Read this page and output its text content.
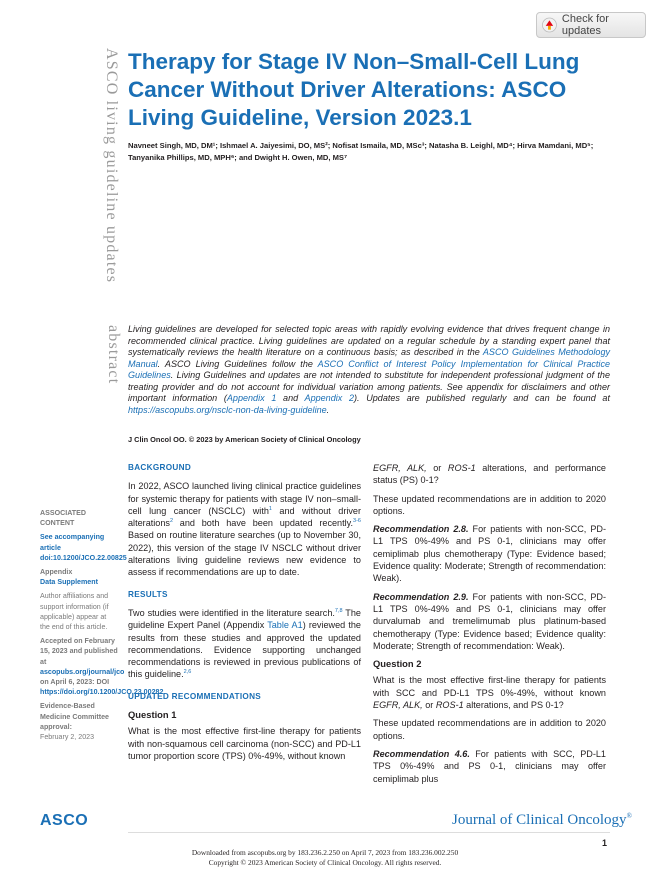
Check for updates
ASCO living guideline updates
abstract
Therapy for Stage IV Non–Small-Cell Lung Cancer Without Driver Alterations: ASCO Living Guideline, Version 2023.1

Navneet Singh, MD, DM¹; Ishmael A. Jaiyesimi, DO, MS²; Nofisat Ismaila, MD, MSc³; Natasha B. Leighl, MD⁴; Hirva Mamdani, MD⁵; Tanyanika Phillips, MD, MPH⁶; and Dwight H. Owen, MD, MS⁷

Living guidelines are developed for selected topic areas with rapidly evolving evidence that drives frequent change in recommended clinical practice. Living guidelines are updated on a regular schedule by a standing expert panel that systematically reviews the health literature on a continuous basis; as described in the ASCO Guidelines Methodology Manual. ASCO Living Guidelines follow the ASCO Conflict of Interest Policy Implementation for Clinical Practice Guidelines. Living Guidelines and updates are not intended to substitute for independent professional judgment of the treating provider and do not account for individual variation among patients. See appendix for disclaimers and other important information (Appendix 1 and Appendix 2). Updates are published regularly and can be found at https://ascopubs.org/nsclc-non-da-living-guideline.

J Clin Oncol OO. © 2023 by American Society of Clinical Oncology

ASSOCIATED CONTENT

See accompanying article doi:10.1200/JCO.22.00825

Appendix

Data Supplement

Author affiliations and support information (if applicable) appear at the end of this article.

Accepted on February 15, 2023 and published at ascopubs.org/journal/jco on April 6, 2023: DOI https://doi.org/10.1200/JCO.23.00282

Evidence-Based Medicine Committee approval:

February 2, 2023

BACKGROUND

In 2022, ASCO launched living clinical practice guidelines for systemic therapy for patients with stage IV non–small-cell lung cancer (NSCLC) with$^1$ and without driver alterations$^2$ and both have been updated recently.$^{3-6}$ Based on routine literature searches (up to November 30, 2022), this version of the stage IV NSCLC without driver alterations living guideline reviews new evidence to assess if recommendations are up to date.

RESULTS

Two studies were identified in the literature search.$^{7,8}$ The guideline Expert Panel (Appendix Table A1) reviewed the results from these studies and approved the updated recommendations. Evidence supporting unchanged recommendations is reviewed in previous publications of this guideline.$^{2,6}$

UPDATED RECOMMENDATIONS
Question 1

What is the most effective first-line therapy for patients with non-squamous cell carcinoma (non-SCC) and PD-L1 tumor proportion score (TPS) 0%-49%, without known

EGFR, ALK, or ROS-1 alterations, and performance status (PS) 0-1?

These updated recommendations are in addition to 2020 options.

Recommendation 2.8. For patients with non-SCC, PD-L1 TPS 0%-49% and PS 0-1, clinicians may offer cemiplimab plus chemotherapy (Type: Evidence based; Evidence quality: Moderate; Strength of recommendation: Weak).

Recommendation 2.9. For patients with non-SCC, PD-L1 TPS 0%-49% and PS 0-1, clinicians may offer durvalumab and tremelimumab plus platinum-based chemotherapy (Type: Evidence based; Evidence quality: Moderate; Strength of recommendation: Weak).

Question 2

What is the most effective first-line therapy for patients with SCC and PD-L1 TPS 0%-49%, without known EGFR, ALK, or ROS-1 alterations, and PS 0-1?

These updated recommendations are in addition to 2020 options.

Recommendation 4.6. For patients with SCC, PD-L1 TPS 0%-49% and PS 0-1, clinicians may offer cemiplimab plus

ASCO	Journal of Clinical Oncology®
1

Downloaded from ascopubs.org by 183.236.2.250 on April 7, 2023 from 183.236.002.250
Copyright © 2023 American Society of Clinical Oncology. All rights reserved.
